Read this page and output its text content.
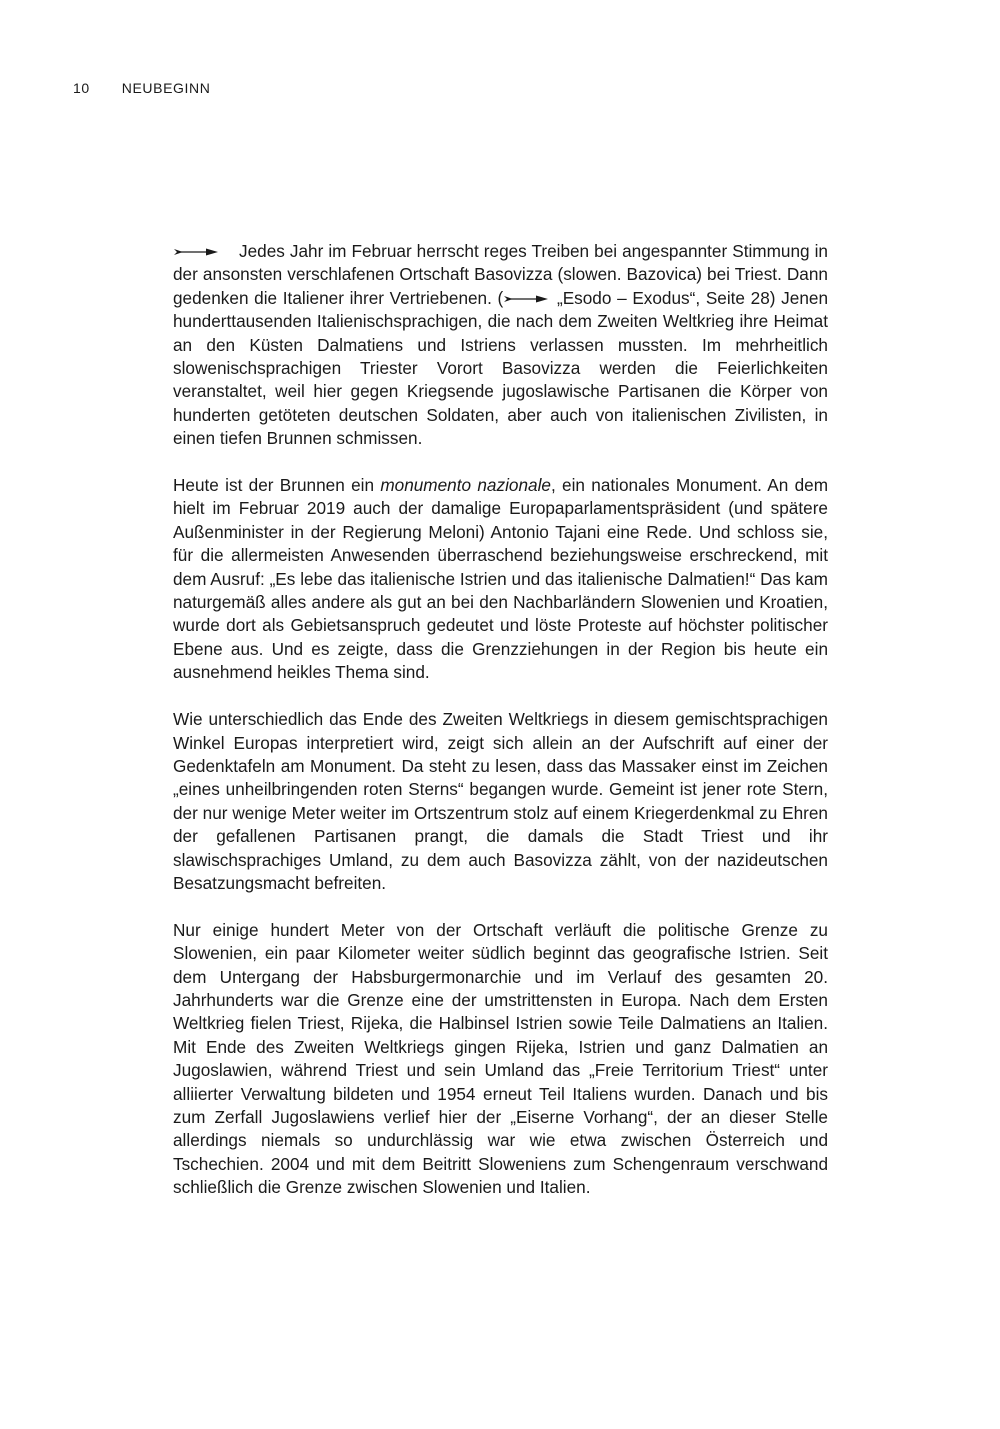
10 NEUBEGINN

Jedes Jahr im Februar herrscht reges Treiben bei angespannter Stimmung in der ansonsten verschlafenen Ortschaft Basovizza (slowen. Bazovica) bei Triest. Dann gedenken die Italiener ihrer Vertriebenen. (	„Esodo – Exodus“, Seite 28) Jenen hunderttausenden Italienischsprachigen, die nach dem Zweiten Weltkrieg ihre Heimat an den Küsten Dalmatiens und Istriens verlassen mussten. Im mehrheitlich slowenischsprachigen Triester Vorort Basovizza werden die Feierlichkeiten veranstaltet, weil hier gegen Kriegsende jugoslawische Partisanen die Körper von hunderten getöteten deutschen Soldaten, aber auch von italienischen Zivilisten, in einen tiefen Brunnen schmissen.

Heute ist der Brunnen ein monumento nazionale, ein nationales Monument. An dem hielt im Februar 2019 auch der damalige Europaparlamentspräsident (und spätere Außenminister in der Regierung Meloni) Antonio Tajani eine Rede. Und schloss sie, für die allermeisten Anwesenden überraschend beziehungsweise erschreckend, mit dem Ausruf: „Es lebe das italienische Istrien und das italienische Dalmatien!“ Das kam naturgemäß alles andere als gut an bei den Nachbarländern Slowenien und Kroatien, wurde dort als Gebietsanspruch gedeutet und löste Proteste auf höchster politischer Ebene aus. Und es zeigte, dass die Grenzziehungen in der Region bis heute ein ausnehmend heikles Thema sind.

Wie unterschiedlich das Ende des Zweiten Weltkriegs in diesem gemischtsprachigen Winkel Europas interpretiert wird, zeigt sich allein an der Aufschrift auf einer der Gedenktafeln am Monument. Da steht zu lesen, dass das Massaker einst im Zeichen „eines unheilbringenden roten Sterns“ begangen wurde. Gemeint ist jener rote Stern, der nur wenige Meter weiter im Ortszentrum stolz auf einem Kriegerdenkmal zu Ehren der gefallenen Partisanen prangt, die damals die Stadt Triest und ihr slawischsprachiges Umland, zu dem auch Basovizza zählt, von der nazideutschen Besatzungsmacht befreiten.

Nur einige hundert Meter von der Ortschaft verläuft die politische Grenze zu Slowenien, ein paar Kilometer weiter südlich beginnt das geografische Istrien. Seit dem Untergang der Habsburgermonarchie und im Verlauf des gesamten 20. Jahrhunderts war die Grenze eine der umstrittensten in Europa. Nach dem Ersten Weltkrieg fielen Triest, Rijeka, die Halbinsel Istrien sowie Teile Dalmatiens an Italien. Mit Ende des Zweiten Weltkriegs gingen Rijeka, Istrien und ganz Dalmatien an Jugoslawien, während Triest und sein Umland das „Freie Territorium Triest“ unter alliierter Verwaltung bildeten und 1954 erneut Teil Italiens wurden. Danach und bis zum Zerfall Jugoslawiens verlief hier der „Eiserne Vorhang“, der an dieser Stelle allerdings niemals so undurchlässig war wie etwa zwischen Österreich und Tschechien. 2004 und mit dem Beitritt Sloweniens zum Schengenraum verschwand schließlich die Grenze zwischen Slowenien und Italien.
